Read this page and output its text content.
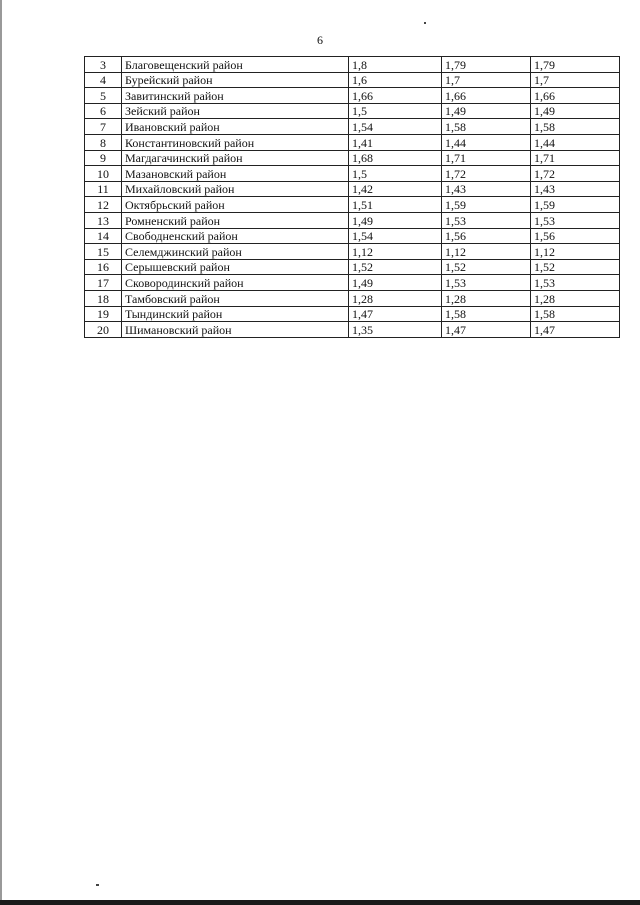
6
3	Благовещенский район	1,8	1,79	1,79
4	Бурейский район	1,6	1,7	1,7
5	Завитинский район	1,66	1,66	1,66
6	Зейский район	1,5	1,49	1,49
7	Ивановский район	1,54	1,58	1,58
8	Константиновский район	1,41	1,44	1,44
9	Магдагачинский район	1,68	1,71	1,71
10	Мазановский район	1,5	1,72	1,72
11	Михайловский район	1,42	1,43	1,43
12	Октябрьский район	1,51	1,59	1,59
13	Ромненский район	1,49	1,53	1,53
14	Свободненский район	1,54	1,56	1,56
15	Селемджинский район	1,12	1,12	1,12
16	Серышевский район	1,52	1,52	1,52
17	Сковородинский район	1,49	1,53	1,53
18	Тамбовский район	1,28	1,28	1,28
19	Тындинский район	1,47	1,58	1,58
20	Шимановский район	1,35	1,47	1,47
